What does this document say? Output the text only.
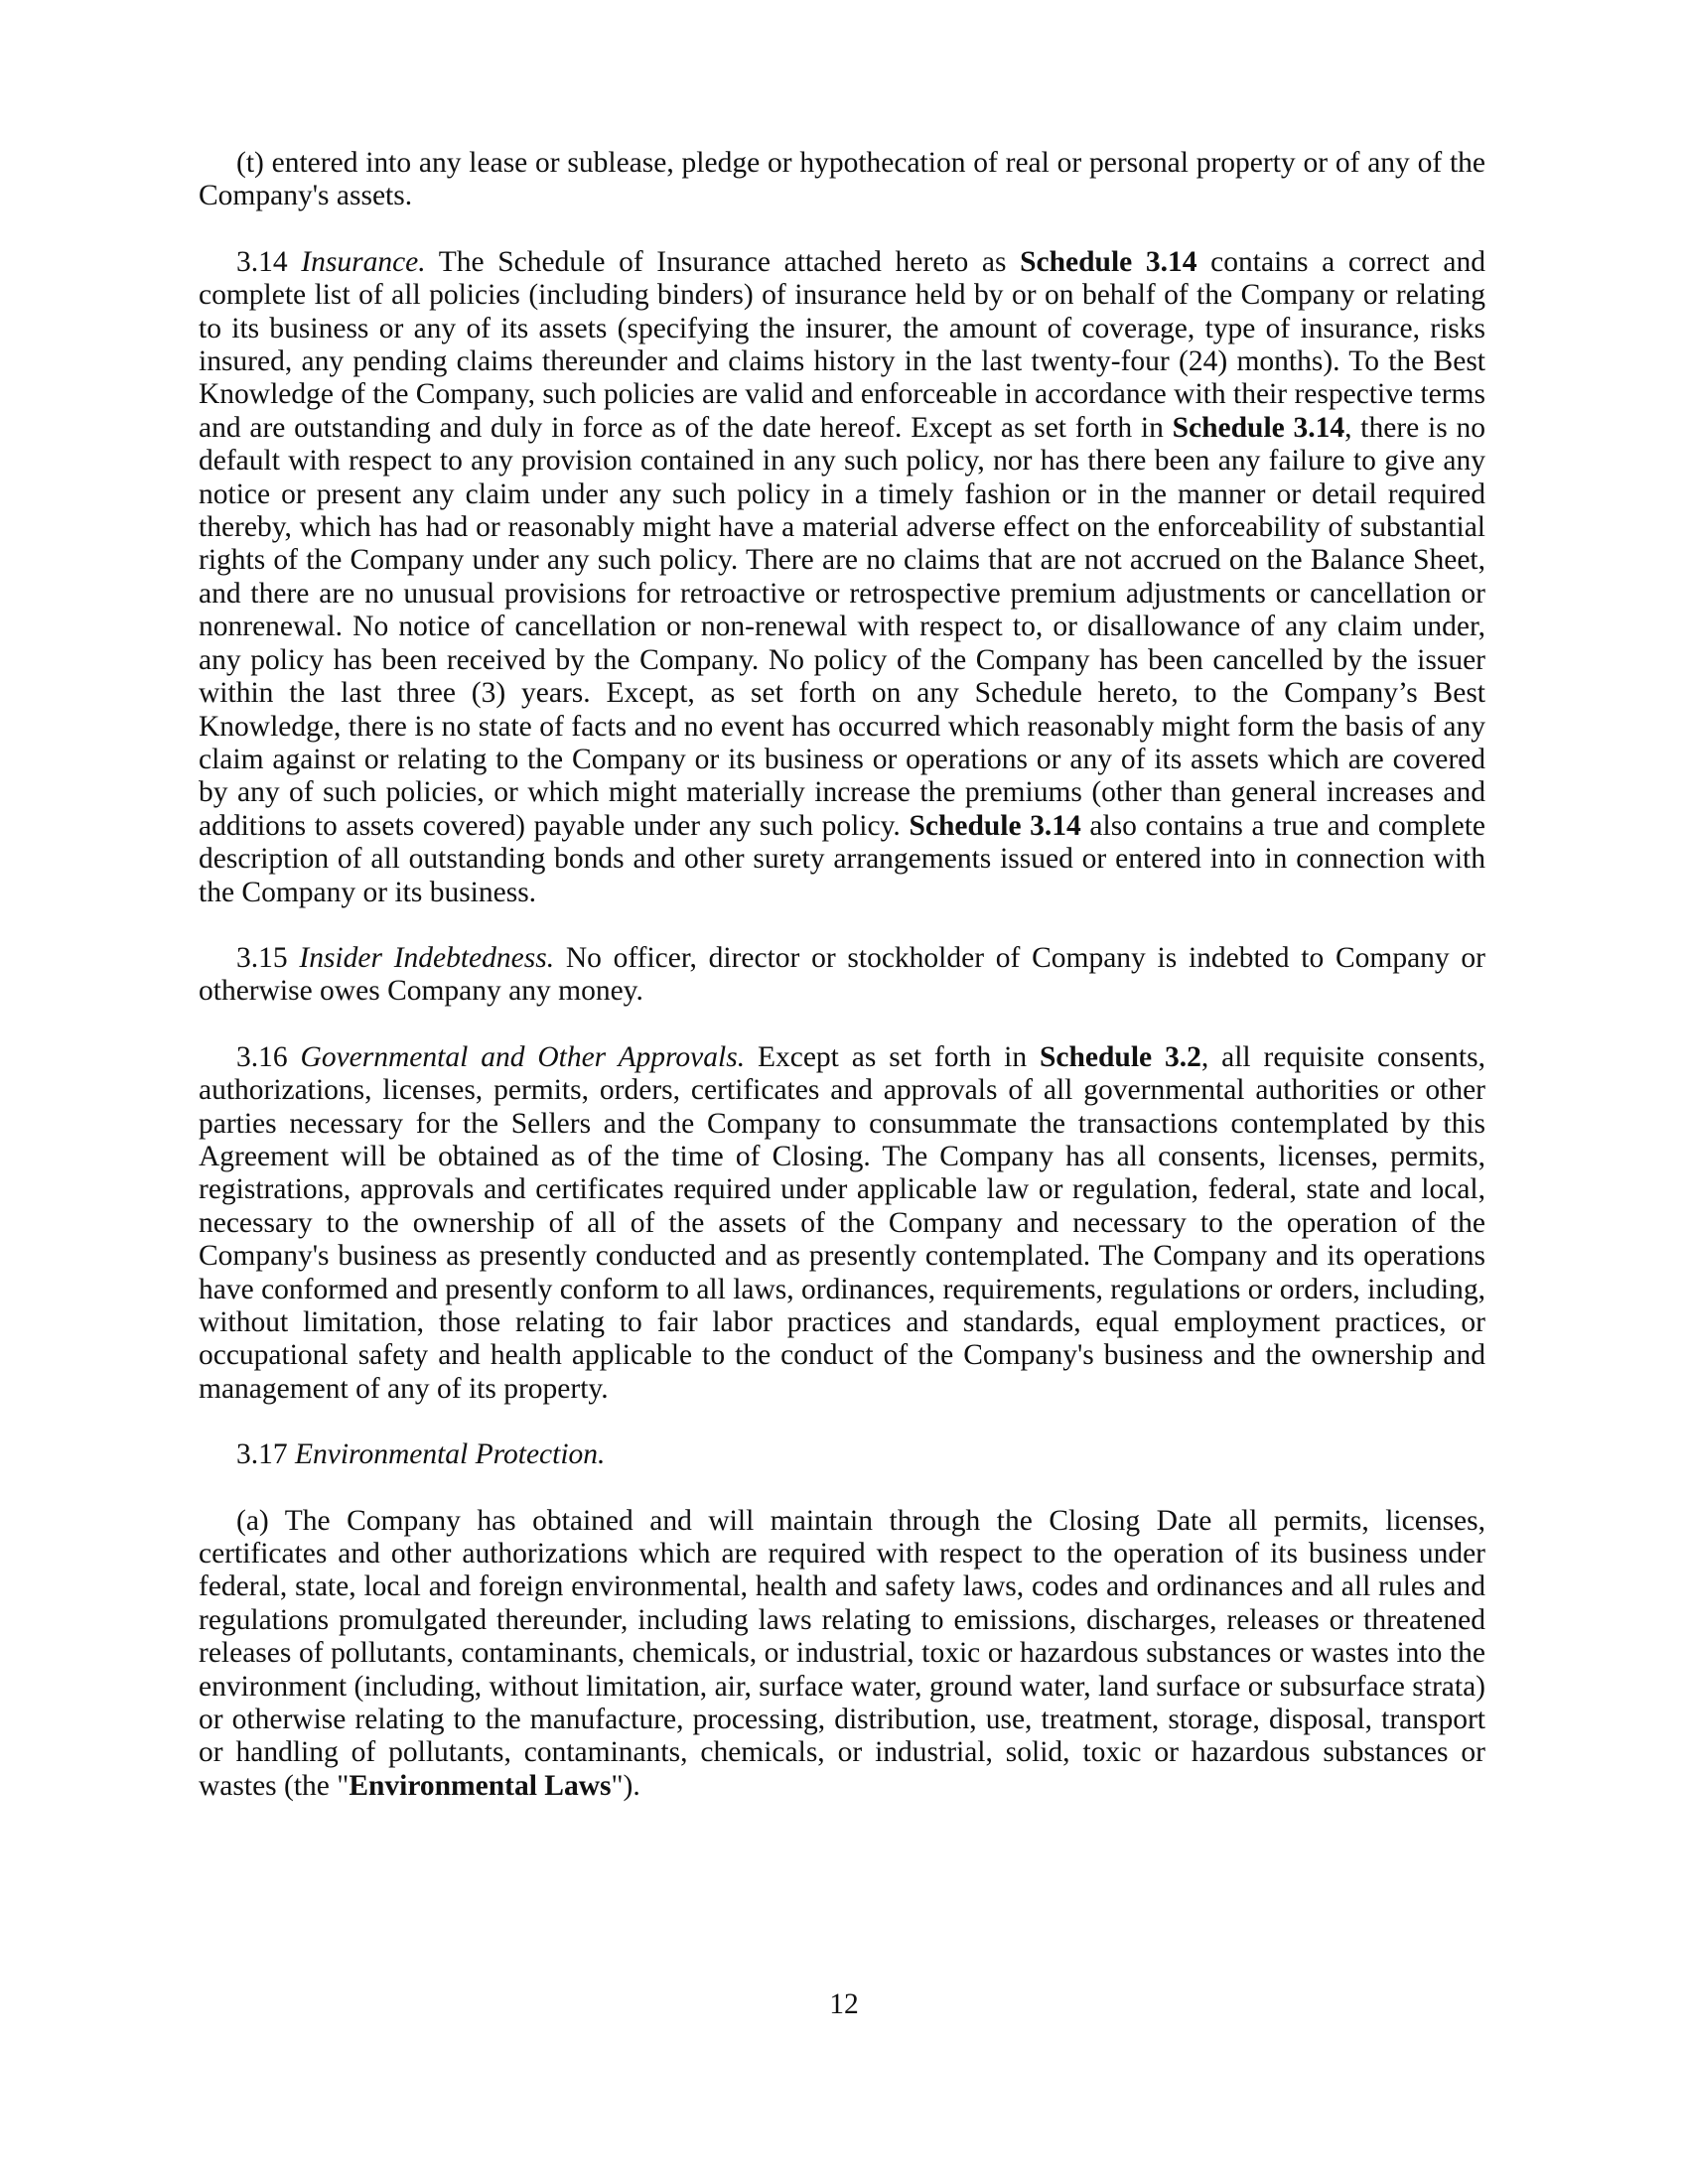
(t) entered into any lease or sublease, pledge or hypothecation of real or personal property or of any of the Company's assets.

3.14 Insurance. The Schedule of Insurance attached hereto as Schedule 3.14 contains a correct and complete list of all policies (including binders) of insurance held by or on behalf of the Company or relating to its business or any of its assets (specifying the insurer, the amount of coverage, type of insurance, risks insured, any pending claims thereunder and claims history in the last twenty-four (24) months). To the Best Knowledge of the Company, such policies are valid and enforceable in accordance with their respective terms and are outstanding and duly in force as of the date hereof. Except as set forth in Schedule 3.14, there is no default with respect to any provision contained in any such policy, nor has there been any failure to give any notice or present any claim under any such policy in a timely fashion or in the manner or detail required thereby, which has had or reasonably might have a material adverse effect on the enforceability of substantial rights of the Company under any such policy. There are no claims that are not accrued on the Balance Sheet, and there are no unusual provisions for retroactive or retrospective premium adjustments or cancellation or nonrenewal. No notice of cancellation or non-renewal with respect to, or disallowance of any claim under, any policy has been received by the Company. No policy of the Company has been cancelled by the issuer within the last three (3) years. Except, as set forth on any Schedule hereto, to the Company’s Best Knowledge, there is no state of facts and no event has occurred which reasonably might form the basis of any claim against or relating to the Company or its business or operations or any of its assets which are covered by any of such policies, or which might materially increase the premiums (other than general increases and additions to assets covered) payable under any such policy. Schedule 3.14 also contains a true and complete description of all outstanding bonds and other surety arrangements issued or entered into in connection with the Company or its business.

3.15 Insider Indebtedness. No officer, director or stockholder of Company is indebted to Company or otherwise owes Company any money.

3.16 Governmental and Other Approvals. Except as set forth in Schedule 3.2, all requisite consents, authorizations, licenses, permits, orders, certificates and approvals of all governmental authorities or other parties necessary for the Sellers and the Company to consummate the transactions contemplated by this Agreement will be obtained as of the time of Closing. The Company has all consents, licenses, permits, registrations, approvals and certificates required under applicable law or regulation, federal, state and local, necessary to the ownership of all of the assets of the Company and necessary to the operation of the Company's business as presently conducted and as presently contemplated. The Company and its operations have conformed and presently conform to all laws, ordinances, requirements, regulations or orders, including, without limitation, those relating to fair labor practices and standards, equal employment practices, or occupational safety and health applicable to the conduct of the Company's business and the ownership and management of any of its property.

3.17 Environmental Protection.

(a) The Company has obtained and will maintain through the Closing Date all permits, licenses, certificates and other authorizations which are required with respect to the operation of its business under federal, state, local and foreign environmental, health and safety laws, codes and ordinances and all rules and regulations promulgated thereunder, including laws relating to emissions, discharges, releases or threatened releases of pollutants, contaminants, chemicals, or industrial, toxic or hazardous substances or wastes into the environment (including, without limitation, air, surface water, ground water, land surface or subsurface strata) or otherwise relating to the manufacture, processing, distribution, use, treatment, storage, disposal, transport or handling of pollutants, contaminants, chemicals, or industrial, solid, toxic or hazardous substances or wastes (the "Environmental Laws").

12
